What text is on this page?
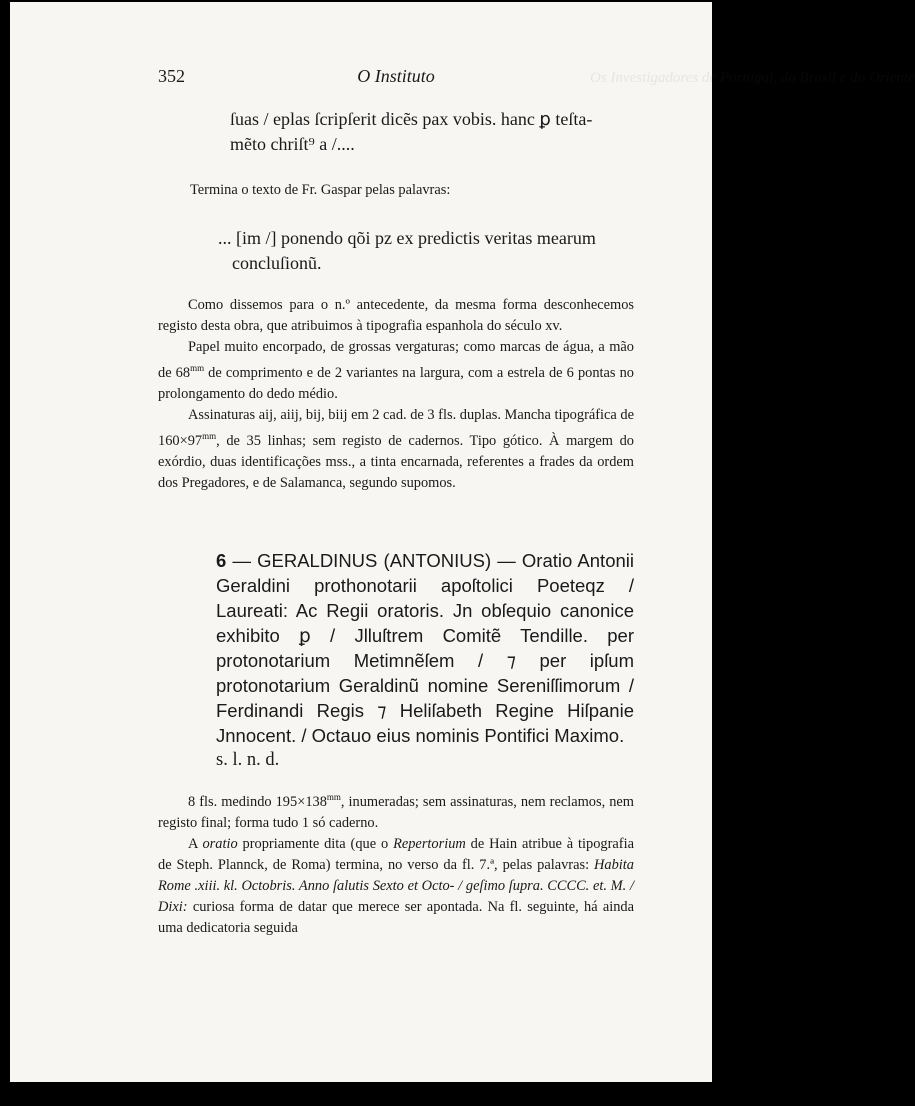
Os Investigadores de Portugal, do Brasil e do Oriente
352	O Instituto

ſuas / eplas ſcripſerit dicẽs pax vobis. hanc ꝑ teſta-

mẽto chriſt⁹ a /....

Termina o texto de Fr. Gaspar pelas palavras:

... [im /] ponendo qõi pz ex predictis veritas mearum

concluſionũ.

Como dissemos para o n.º antecedente, da mesma forma desconhecemos registo desta obra, que atribuimos à tipografia espanhola do século xv.

Papel muito encorpado, de grossas vergaturas; como marcas de água, a mão de $68^{mm}$ de comprimento e de 2 variantes na largura, com a estrela de 6 pontas no prolongamento do dedo médio.

Assinaturas aij, aiij, bij, biij em 2 cad. de 3 fls. duplas. Mancha tipográfica de $160\times 97^{mm}$, de 35 linhas; sem registo de cadernos. Tipo gótico. À margem do exórdio, duas identificações mss., a tinta encarnada, referentes a frades da ordem dos Pregadores, e de Salamanca, segundo supomos.

6 — GERALDINUS (ANTONIUS) — Oratio Antonii Geraldini prothonotarii apoſtolici Poeteqz / Laureati: Ac Regii oratoris. Jn obſequio canonice exhibito ꝑ / Jlluſtrem Comitẽ Tendille. per protonotarium Metimnẽſem / ⁊ per ipſum protonotarium Geraldinũ nomine Sereniſſimorum / Ferdinandi Regis ⁊ Heliſabeth Regine Hiſpanie Jnnocent. / Octauo eius nominis Pontifici Maximo.

s. l. n. d.

8 fls. medindo $195\times 138^{mm}$, inumeradas; sem assinaturas, nem reclamos, nem registo final; forma tudo 1 só caderno.

A oratio propriamente dita (que o Repertorium de Hain atribue à tipografia de Steph. Plannck, de Roma) termina, no verso da fl. 7.ª, pelas palavras: Habita Rome .xiii. kl. Octobris. Anno ſalutis Sexto et Octo- / geſimo ſupra. CCCC. et. M. / Dixi: curiosa forma de datar que merece ser apontada. Na fl. seguinte, há ainda uma dedicatoria seguida
